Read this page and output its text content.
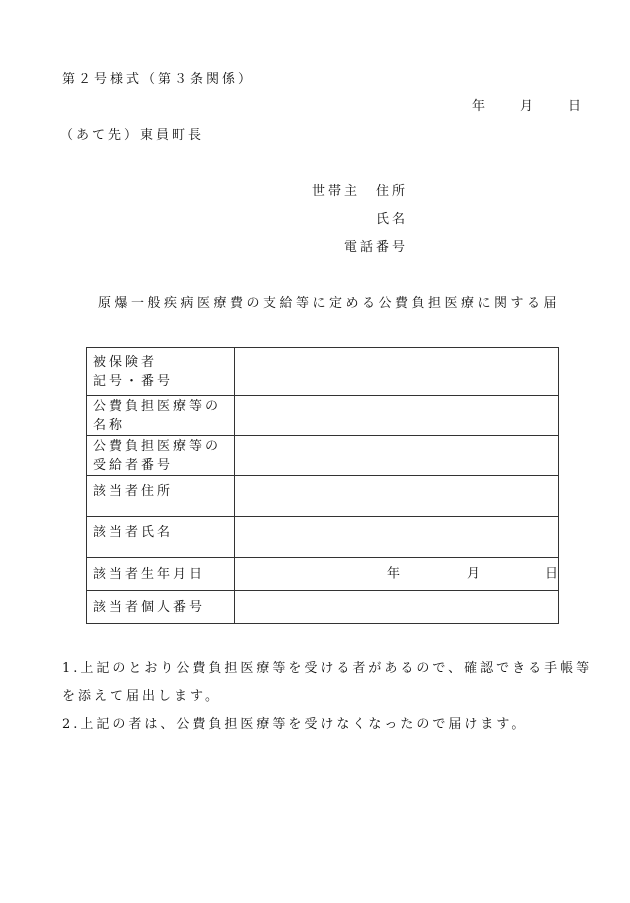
第２号様式（第３条関係）
年 月 日
（あて先）東員町長
世帯主 住所
氏名
電話番号
原爆一般疾病医療費の支給等に定める公費負担医療に関する届
被保険者
記号・番号	

公費負担医療等の
名称	

公費負担医療等の
受給者番号	

該当者住所	

該当者氏名	

該当者生年月日	年 月 日

該当者個人番号	
1.上記のとおり公費負担医療等を受ける者があるので、確認できる手帳等
を添えて届出します。
2.上記の者は、公費負担医療等を受けなくなったので届けます。
